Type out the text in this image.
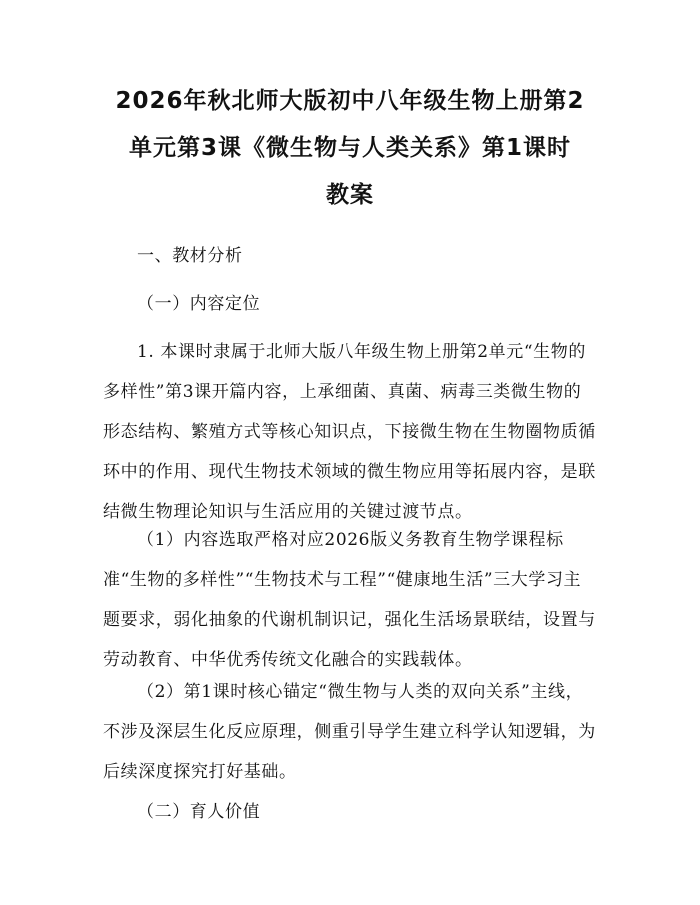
2026年秋北师大版初中八年级生物上册第2
单元第3课《微生物与人类关系》第1课时
教案
一、教材分析
（一）内容定位

1. 本课时隶属于北师大版八年级生物上册第2单元“生物的多样性”第3课开篇内容，上承细菌、真菌、病毒三类微生物的形态结构、繁殖方式等核心知识点，下接微生物在生物圈物质循环中的作用、现代生物技术领域的微生物应用等拓展内容，是联结微生物理论知识与生活应用的关键过渡节点。

（1）内容选取严格对应2026版义务教育生物学课程标准“生物的多样性”“生物技术与工程”“健康地生活”三大学习主题要求，弱化抽象的代谢机制识记，强化生活场景联结，设置与劳动教育、中华优秀传统文化融合的实践载体。

（2）第1课时核心锚定“微生物与人类的双向关系”主线，不涉及深层生化反应原理，侧重引导学生建立科学认知逻辑，为后续深度探究打好基础。

（二）育人价值
